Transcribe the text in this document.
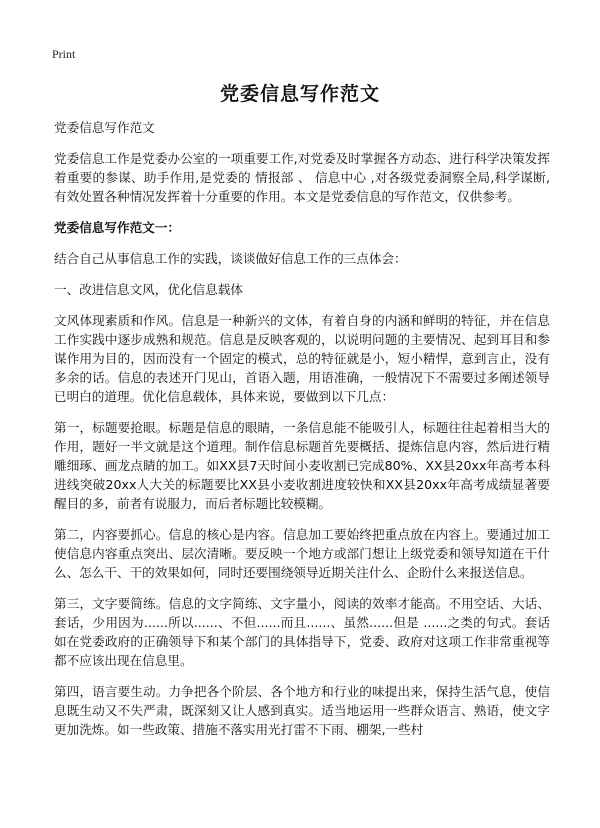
Print
党委信息写作范文

党委信息写作范文

党委信息工作是党委办公室的一项重要工作,对党委及时掌握各方动态、进行科学决策发挥着重要的参谋、助手作用,是党委的 情报部 、 信息中心 ,对各级党委洞察全局,科学谋断,有效处置各种情况发挥着十分重要的作用。本文是党委信息的写作范文，仅供参考。

党委信息写作范文一：

结合自己从事信息工作的实践，谈谈做好信息工作的三点体会：

一、改进信息文风，优化信息载体

文风体现素质和作风。信息是一种新兴的文体，有着自身的内涵和鲜明的特征，并在信息工作实践中逐步成熟和规范。信息是反映客观的，以说明问题的主要情况、起到耳目和参谋作用为目的，因而没有一个固定的模式，总的特征就是小，短小精悍，意到言止，没有多余的话。信息的表述开门见山，首语入题，用语准确，一般情况下不需要过多阐述领导已明白的道理。优化信息载体，具体来说，要做到以下几点：

第一，标题要抢眼。标题是信息的眼睛，一条信息能不能吸引人，标题往往起着相当大的作用，题好一半文就是这个道理。制作信息标题首先要概括、提炼信息内容，然后进行精雕细琢、画龙点睛的加工。如XX县7天时间小麦收割已完成80%、XX县20xx年高考本科进线突破20xx人大关的标题要比XX县小麦收割进度较快和XX县20xx年高考成绩显著要醒目的多，前者有说服力，而后者标题比较模糊。

第二，内容要抓心。信息的核心是内容。信息加工要始终把重点放在内容上。要通过加工使信息内容重点突出、层次清晰。要反映一个地方或部门想让上级党委和领导知道在干什么、怎么干、干的效果如何，同时还要围绕领导近期关注什么、企盼什么来报送信息。

第三，文字要简练。信息的文字简练、文字量小，阅读的效率才能高。不用空话、大话、套话，少用因为......所以......、不但......而且......、虽然......但是 ......之类的句式。套话如在党委政府的正确领导下和某个部门的具体指导下，党委、政府对这项工作非常重视等都不应该出现在信息里。

第四，语言要生动。力争把各个阶层、各个地方和行业的味提出来，保持生活气息，使信息既生动又不失严肃，既深刻又让人感到真实。适当地运用一些群众语言、熟语，使文字更加洗炼。如一些政策、措施不落实用光打雷不下雨、棚架,一些村
